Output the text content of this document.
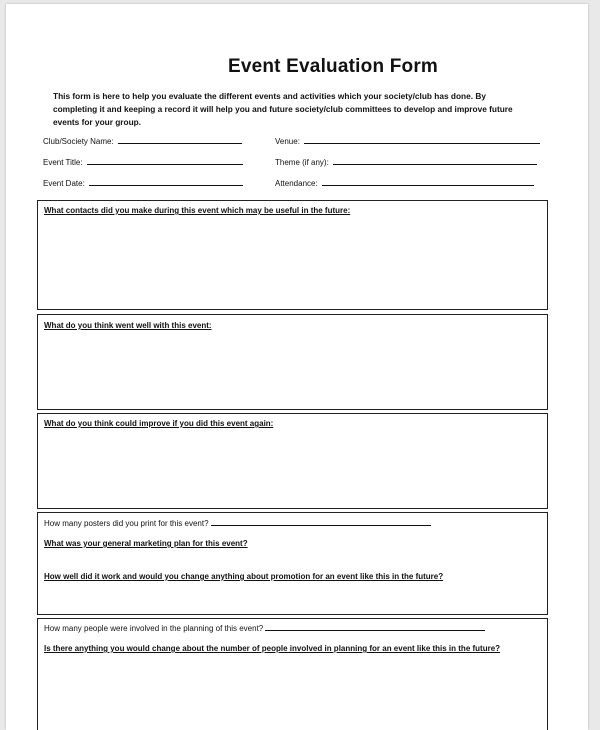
Event Evaluation Form
This form is here to help you evaluate the different events and activities which your society/club has done. By completing it and keeping a record it will help you and future society/club committees to develop and improve future events for your group.
Club/Society Name:	Venue:
Event Title:	Theme (if any):
Event Date:	Attendance:
What contacts did you make during this event which may be useful in the future:
What do you think went well with this event:
What do you think could improve if you did this event again:
How many posters did you print for this event?
What was your general marketing plan for this event?
How well did it work and would you change anything about promotion for an event like this in the future?
How many people were involved in the planning of this event?
Is there anything you would change about the number of people involved in planning for an event like this in the future?
